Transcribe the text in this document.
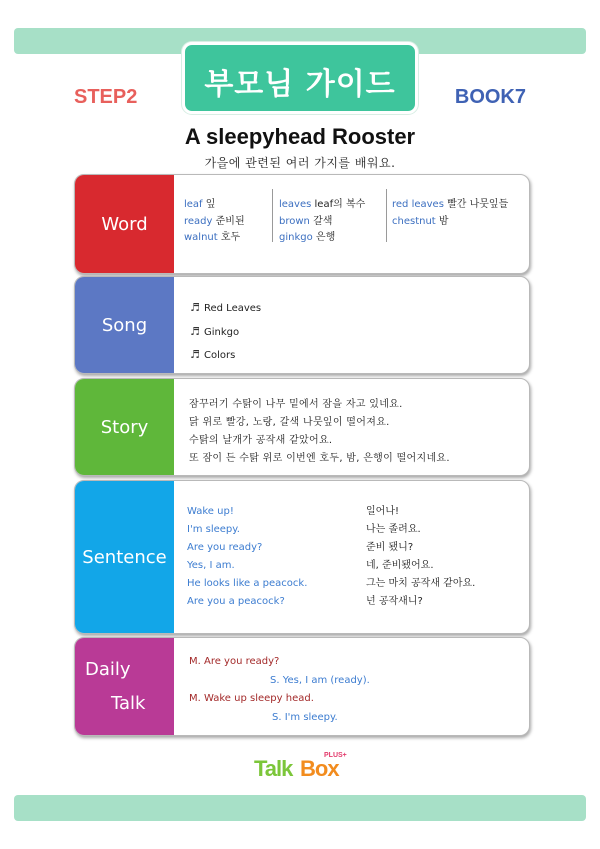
STEP2 부모님 가이드	BOOK7
A sleepyhead Rooster
가을에 관련된 여러 가지를 배워요.
Word
leaf 잎
ready 준비된
walnut 호두
leaves leaf의 복수
brown 갈색
ginkgo 은행
red leaves 빨간 나뭇잎들
chestnut 밤
Song
♬ Red Leaves
♬ Ginkgo
♬ Colors
Story
잠꾸러기 수탉이 나무 밑에서 잠을 자고 있네요.
닭 위로 빨강, 노랑, 갈색 나뭇잎이 떨어져요.
수탉의 날개가 공작새 같았어요.
또 잠이 든 수탉 위로 이번엔 호두, 밤, 은행이 떨어지네요.
Sentence
Wake up!
I'm sleepy.
Are you ready?
Yes, I am.
He looks like a peacock.
Are you a peacock?
일어나!
나는 졸려요.
준비 됐니?
네, 준비됐어요.
그는 마치 공작새 같아요.
넌 공작새니?
Daily
Talk
M. Are you ready?
S. Yes, I am (ready).
M. Wake up sleepy head.
S. I'm sleepy.
Talk Box
PLUS+
